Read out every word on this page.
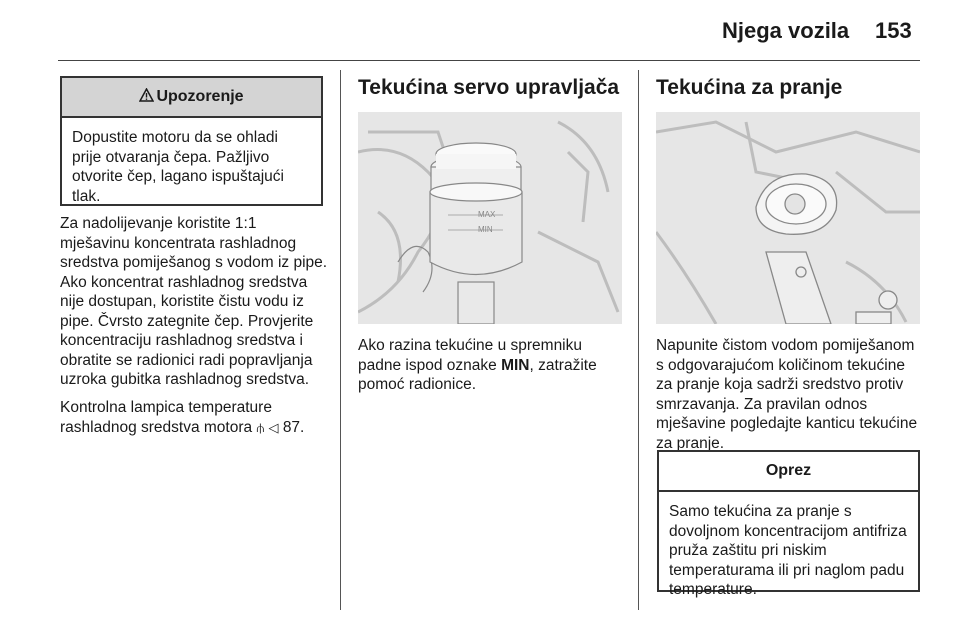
Njega vozila 153
Upozorenje
Dopustite motoru da se ohladi prije otvaranja čepa. Pažljivo otvorite čep, lagano ispuštajući tlak.

Za nadolijevanje koristite 1:1 mješavinu koncentrata rashladnog sredstva pomiješanog s vodom iz pipe. Ako koncentrat rashladnog sredstva nije dostupan, koristite čistu vodu iz pipe. Čvrsto zategnite čep. Provjerite koncentraciju rashladnog sredstva i obratite se radionici radi popravljanja uzroka gubitka rashladnog sredstva.

Kontrolna lampica temperature rashladnog sredstva motora ⫛ ◁ 87.

Tekućina servo upravljača
MAX
MIN

Ako razina tekućine u spremniku padne ispod oznake MIN, zatražite pomoć radionice.

Tekućina za pranje

Napunite čistom vodom pomiješanom s odgovarajućom količinom tekućine za pranje koja sadrži sredstvo protiv smrzavanja. Za pravilan odnos mješavine pogledajte kanticu tekućine za pranje.

Oprez
Samo tekućina za pranje s dovoljnom koncentracijom antifriza pruža zaštitu pri niskim temperaturama ili pri naglom padu temperature.
